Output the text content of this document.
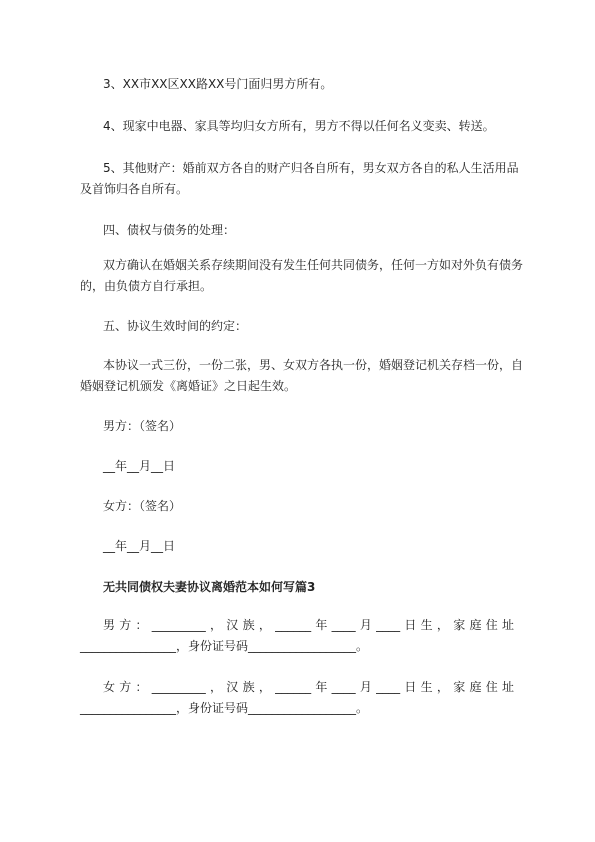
3、XX市XX区XX路XX号门面归男方所有。
4、现家中电器、家具等均归女方所有，男方不得以任何名义变卖、转送。
5、其他财产：婚前双方各自的财产归各自所有，男女双方各自的私人生活用品
及首饰归各自所有。
四、债权与债务的处理：
双方确认在婚姻关系存续期间没有发生任何共同债务，任何一方如对外负有债务
的，由负债方自行承担。
五、协议生效时间的约定：
本协议一式三份，一份二张，男、女双方各执一份，婚姻登记机关存档一份，自
婚姻登记机颁发《离婚证》之日起生效。
男方：（签名）
__年__月__日
女方：（签名）
__年__月__日
无共同债权夫妻协议离婚范本如何写篇3
男方：_________，汉族，______年____月____日生，家庭住址
________________，身份证号码__________________。
女方：_________，汉族，______年____月____日生，家庭住址
________________，身份证号码__________________。
